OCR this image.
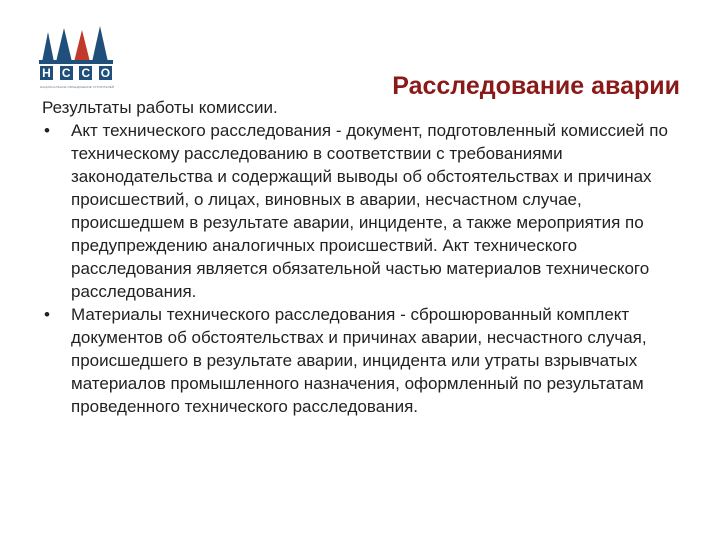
Н С С О
НАЦИОНАЛЬНОЕ ОБЪЕДИНЕНИЕ СТРОИТЕЛЕЙ	Расследование аварии

Результаты работы комиссии.

• Акт технического расследования - документ, подготовленный комиссией по техническому расследованию в соответствии с требованиями законодательства и содержащий выводы об обстоятельствах и причинах происшествий, о лицах, виновных в аварии, несчастном случае, происшедшем в результате аварии, инциденте, а также мероприятия по предупреждению аналогичных происшествий. Акт технического расследования является обязательной частью материалов технического расследования.
• Материалы технического расследования - сброшюрованный комплект документов об обстоятельствах и причинах аварии, несчастного случая, происшедшего в результате аварии, инцидента или утраты взрывчатых материалов промышленного назначения, оформленный по результатам проведенного технического расследования.
